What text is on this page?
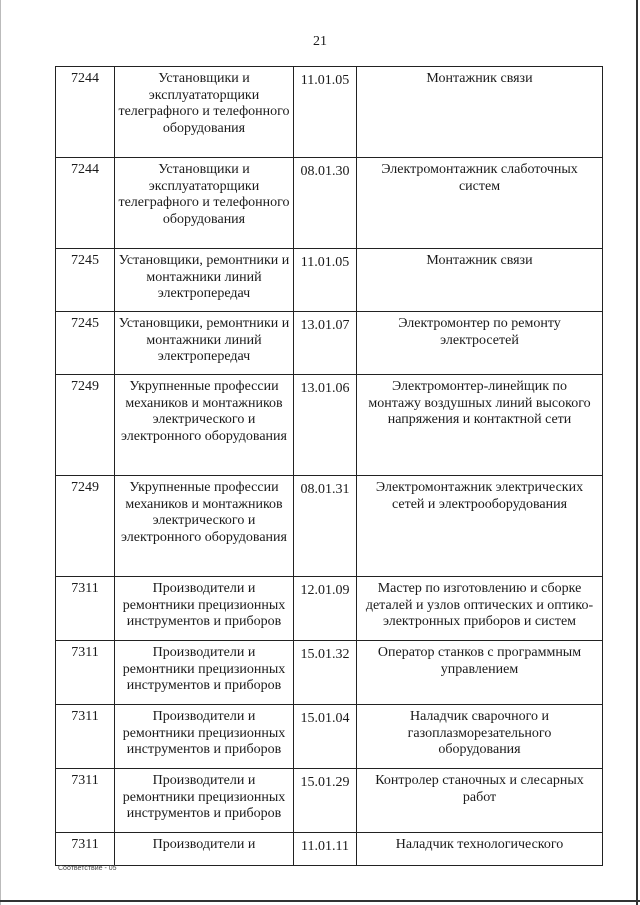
21
7244	Установщики и эксплуататорщики телеграфного и телефонного оборудования	11.01.05	Монтажник связи
7244	Установщики и эксплуататорщики телеграфного и телефонного оборудования	08.01.30	Электромонтажник слаботочных систем
7245	Установщики, ремонтники и монтажники линий электропередач	11.01.05	Монтажник связи
7245	Установщики, ремонтники и монтажники линий электропередач	13.01.07	Электромонтер по ремонту электросетей
7249	Укрупненные профессии механиков и монтажников электрического и электронного оборудования	13.01.06	Электромонтер-линейщик по монтажу воздушных линий высокого напряжения и контактной сети
7249	Укрупненные профессии механиков и монтажников электрического и электронного оборудования	08.01.31	Электромонтажник электрических сетей и электрооборудования
7311	Производители и ремонтники прецизионных инструментов и приборов	12.01.09	Мастер по изготовлению и сборке деталей и узлов оптических и оптико-электронных приборов и систем
7311	Производители и ремонтники прецизионных инструментов и приборов	15.01.32	Оператор станков с программным управлением
7311	Производители и ремонтники прецизионных инструментов и приборов	15.01.04	Наладчик сварочного и газоплазморезательного оборудования
7311	Производители и ремонтники прецизионных инструментов и приборов	15.01.29	Контролер станочных и слесарных работ
7311	Производители и	11.01.11	Наладчик технологического
Соответствие - 05
